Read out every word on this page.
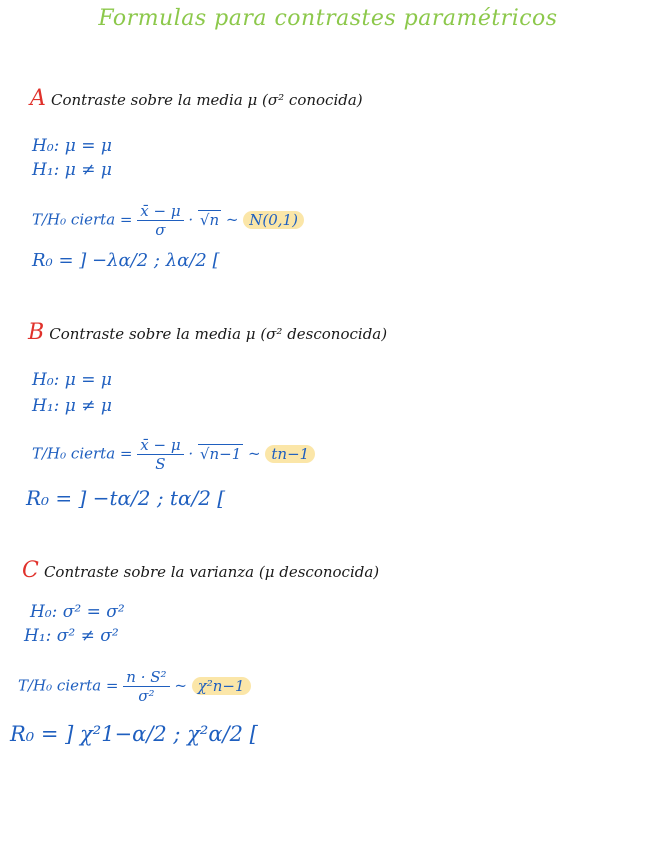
Formulas para contrastes paramétricos
A Contraste sobre la media μ (σ² conocida)
H₀: μ = μ
H₁: μ ≠ μ
T/H₀ cierta = $\frac{x̄ - \mu}{\sigma} \cdot √n$ ~ N(0,1)
R₀ = ] −λα/2 ; λα/2 [
B Contraste sobre la media μ (σ² desconocida)
H₀: μ = μ
H₁: μ ≠ μ
T/H₀ cierta = $\frac{x̄ - \mu}{S} \cdot √n-1$ ~ tn−1
R₀ = ] −tα/2 ; tα/2 [
C Contraste sobre la varianza (μ desconocida)
H₀: σ² = σ²
H₁: σ² ≠ σ²
T/H₀ cierta = $\frac{\text{n · S²}}{\text{σ²}}$ ~ χ²n−1
R₀ = ] χ²1−α/2 ; χ²α/2 [
